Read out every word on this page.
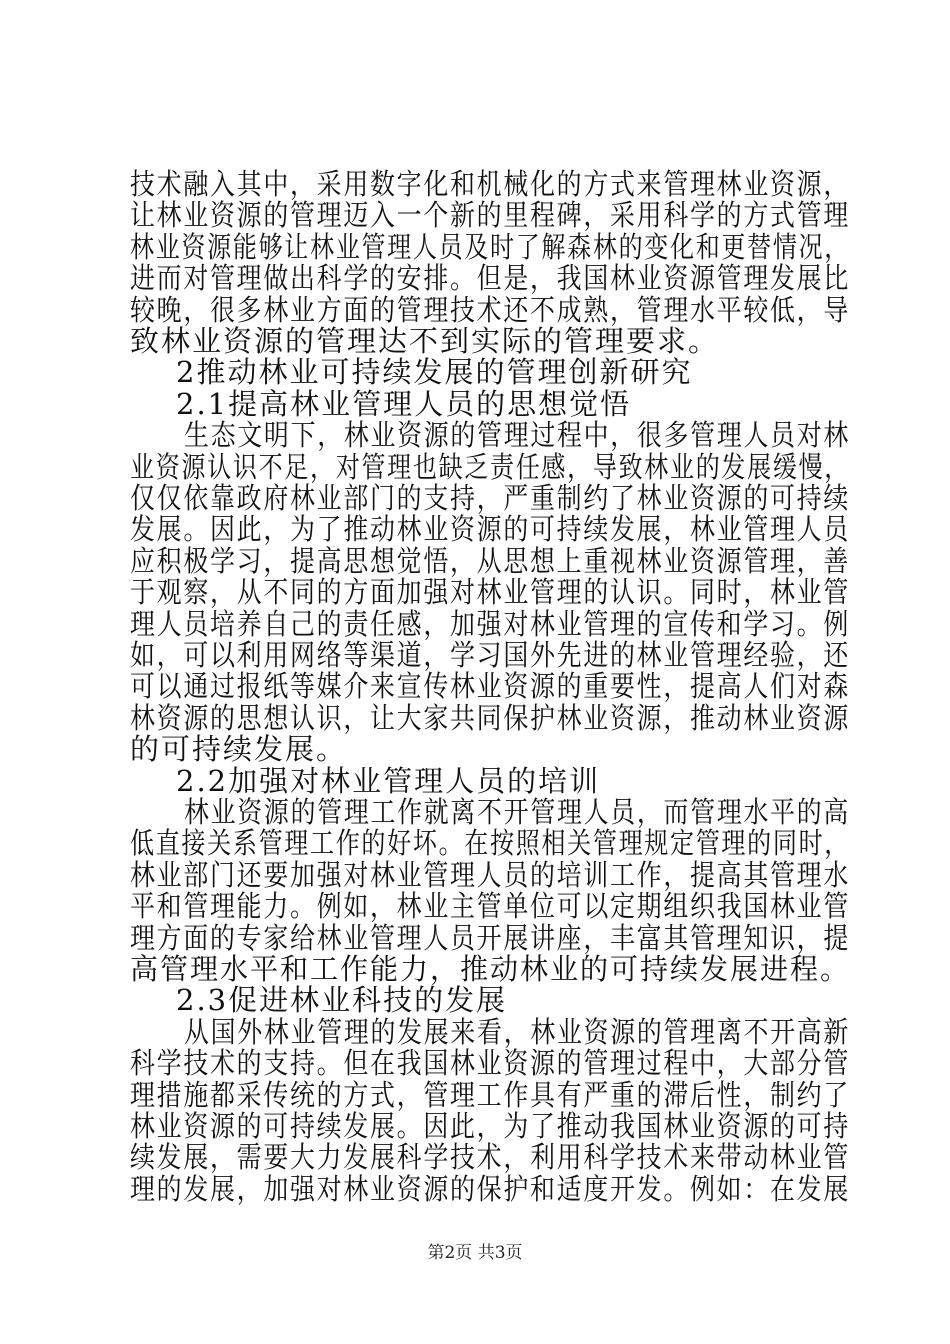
技术融入其中，采用数字化和机械化的方式来管理林业资源，
让林业资源的管理迈入一个新的里程碑，采用科学的方式管理
林业资源能够让林业管理人员及时了解森林的变化和更替情况，
进而对管理做出科学的安排。但是，我国林业资源管理发展比
较晚，很多林业方面的管理技术还不成熟，管理水平较低，导
致林业资源的管理达不到实际的管理要求。
2推动林业可持续发展的管理创新研究
2.1提高林业管理人员的思想觉悟
生态文明下，林业资源的管理过程中，很多管理人员对林
业资源认识不足，对管理也缺乏责任感，导致林业的发展缓慢，
仅仅依靠政府林业部门的支持，严重制约了林业资源的可持续
发展。因此，为了推动林业资源的可持续发展，林业管理人员
应积极学习，提高思想觉悟，从思想上重视林业资源管理，善
于观察，从不同的方面加强对林业管理的认识。同时，林业管
理人员培养自己的责任感，加强对林业管理的宣传和学习。例
如，可以利用网络等渠道，学习国外先进的林业管理经验，还
可以通过报纸等媒介来宣传林业资源的重要性，提高人们对森
林资源的思想认识，让大家共同保护林业资源，推动林业资源
的可持续发展。
2.2加强对林业管理人员的培训
林业资源的管理工作就离不开管理人员，而管理水平的高
低直接关系管理工作的好坏。在按照相关管理规定管理的同时，
林业部门还要加强对林业管理人员的培训工作，提高其管理水
平和管理能力。例如，林业主管单位可以定期组织我国林业管
理方面的专家给林业管理人员开展讲座，丰富其管理知识，提
高管理水平和工作能力，推动林业的可持续发展进程。
2.3促进林业科技的发展
从国外林业管理的发展来看，林业资源的管理离不开高新
科学技术的支持。但在我国林业资源的管理过程中，大部分管
理措施都采传统的方式，管理工作具有严重的滞后性，制约了
林业资源的可持续发展。因此，为了推动我国林业资源的可持
续发展，需要大力发展科学技术，利用科学技术来带动林业管
理的发展，加强对林业资源的保护和适度开发。例如：在发展
第2页 共3页
